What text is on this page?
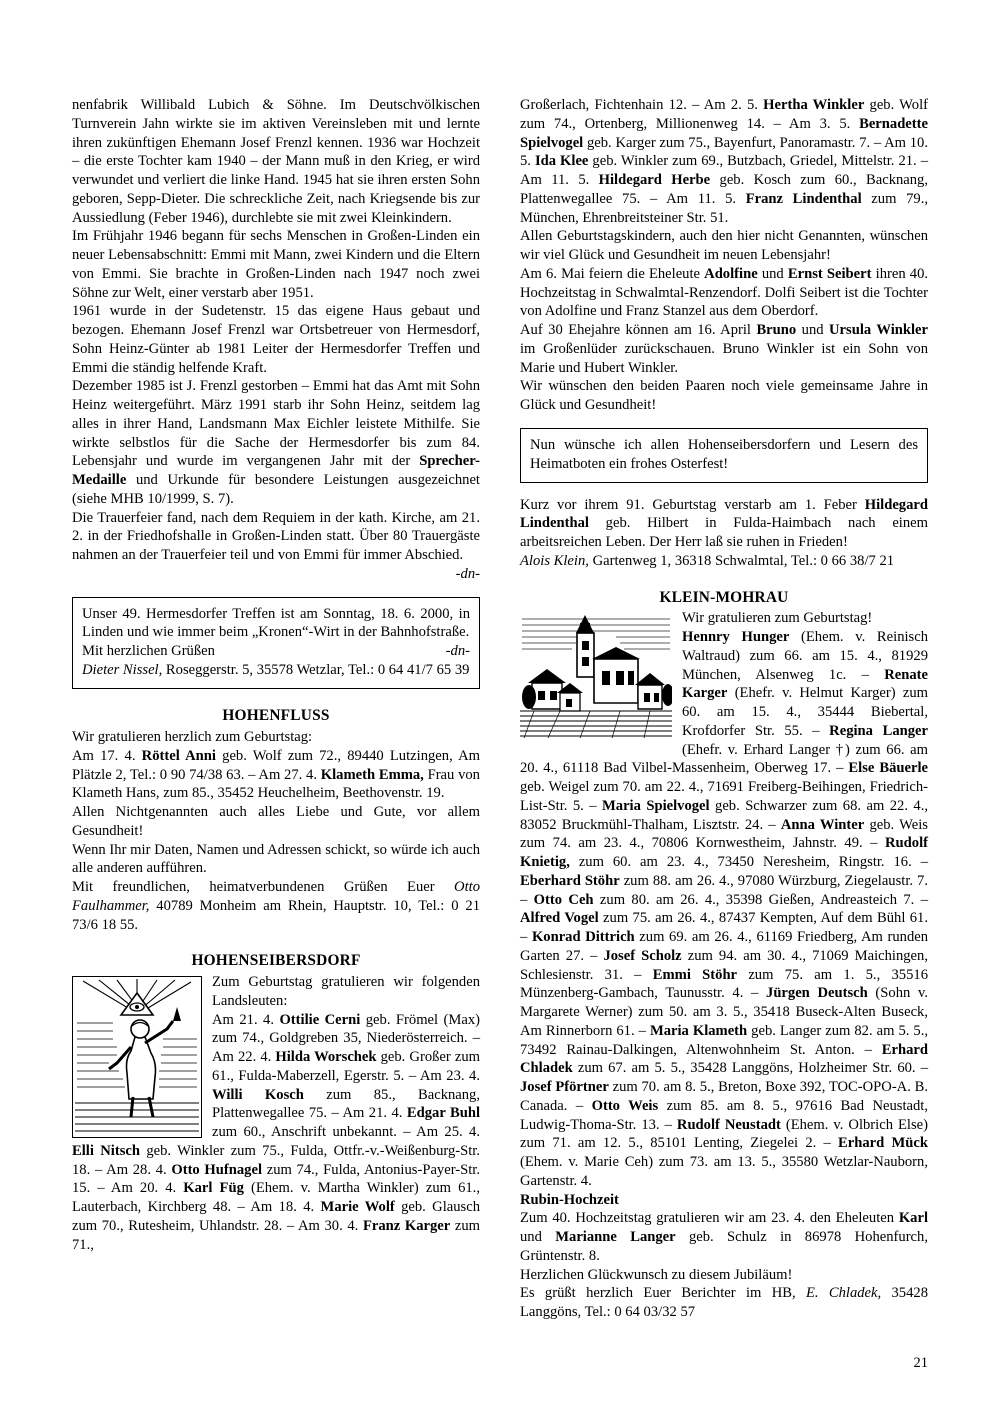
nenfabrik Willibald Lubich & Söhne. Im Deutschvölkischen Turnverein Jahn wirkte sie im aktiven Vereinsleben mit und lernte ihren zukünftigen Ehemann Josef Frenzl kennen. 1936 war Hochzeit – die erste Tochter kam 1940 – der Mann muß in den Krieg, er wird verwundet und verliert die linke Hand. 1945 hat sie ihren ersten Sohn geboren, Sepp-Dieter. Die schreckliche Zeit, nach Kriegsende bis zur Aussiedlung (Feber 1946), durchlebte sie mit zwei Kleinkindern.

Im Frühjahr 1946 begann für sechs Menschen in Großen-Linden ein neuer Lebensabschnitt: Emmi mit Mann, zwei Kindern und die Eltern von Emmi. Sie brachte in Großen-Linden nach 1947 noch zwei Söhne zur Welt, einer verstarb aber 1951.

1961 wurde in der Sudetenstr. 15 das eigene Haus gebaut und bezogen. Ehemann Josef Frenzl war Ortsbetreuer von Hermesdorf, Sohn Heinz-Günter ab 1981 Leiter der Hermesdorfer Treffen und Emmi die ständig helfende Kraft.

Dezember 1985 ist J. Frenzl gestorben – Emmi hat das Amt mit Sohn Heinz weitergeführt. März 1991 starb ihr Sohn Heinz, seitdem lag alles in ihrer Hand, Landsmann Max Eichler leistete Mithilfe. Sie wirkte selbstlos für die Sache der Hermesdorfer bis zum 84. Lebensjahr und wurde im vergangenen Jahr mit der Sprecher-Medaille und Urkunde für besondere Leistungen ausgezeichnet (siehe MHB 10/1999, S. 7).

Die Trauerfeier fand, nach dem Requiem in der kath. Kirche, am 21. 2. in der Friedhofshalle in Großen-Linden statt. Über 80 Trauergäste nahmen an der Trauerfeier teil und von Emmi für immer Abschied.
-dn-

Unser 49. Hermesdorfer Treffen ist am Sonntag, 18. 6. 2000, in Linden und wie immer beim „Kronen“-Wirt in der Bahnhofstraße.
Mit herzlichen Grüßen	-dn-
Dieter Nissel, Roseggerstr. 5, 35578 Wetzlar, Tel.: 0 64 41/7 65 39
HOHENFLUSS

Wir gratulieren herzlich zum Geburtstag:

Am 17. 4. Röttel Anni geb. Wolf zum 72., 89440 Lutzingen, Am Plätzle 2, Tel.: 0 90 74/38 63. – Am 27. 4. Klameth Emma, Frau von Klameth Hans, zum 85., 35452 Heuchelheim, Beethovenstr. 19.

Allen Nichtgenannten auch alles Liebe und Gute, vor allem Gesundheit!

Wenn Ihr mir Daten, Namen und Adressen schickt, so würde ich auch alle anderen aufführen.

Mit freundlichen, heimatverbundenen Grüßen Euer Otto Faulhammer, 40789 Monheim am Rhein, Hauptstr. 10, Tel.: 0 21 73/6 18 55.

HOHENSEIBERSDORF

Zum Geburtstag gratulieren wir folgenden Landsleuten:

Am 21. 4. Ottilie Cerni geb. Frömel (Max) zum 74., Goldgreben 35, Niederösterreich. – Am 22. 4. Hilda Worschek geb. Großer zum 61., Fulda-Maberzell, Egerstr. 5. – Am 23. 4. Willi Kosch zum 85., Backnang, Plattenwegallee 75. – Am 21. 4. Edgar Buhl zum 60., Anschrift unbekannt. – Am 25. 4. Elli Nitsch geb. Winkler zum 75., Fulda, Ottfr.-v.-Weißenburg-Str. 18. – Am 28. 4. Otto Hufnagel zum 74., Fulda, Antonius-Payer-Str. 15. – Am 20. 4. Karl Füg (Ehem. v. Martha Winkler) zum 61., Lauterbach, Kirchberg 48. – Am 18. 4. Marie Wolf geb. Glausch zum 70., Rutesheim, Uhlandstr. 28. – Am 30. 4. Franz Karger zum 71.,

Großerlach, Fichtenhain 12. – Am 2. 5. Hertha Winkler geb. Wolf zum 74., Ortenberg, Millionenweg 14. – Am 3. 5. Bernadette Spielvogel geb. Karger zum 75., Bayenfurt, Panoramastr. 7. – Am 10. 5. Ida Klee geb. Winkler zum 69., Butzbach, Griedel, Mittelstr. 21. – Am 11. 5. Hildegard Herbe geb. Kosch zum 60., Backnang, Plattenwegallee 75. – Am 11. 5. Franz Lindenthal zum 79., München, Ehrenbreitsteiner Str. 51.

Allen Geburtstagskindern, auch den hier nicht Genannten, wünschen wir viel Glück und Gesundheit im neuen Lebensjahr!

Am 6. Mai feiern die Eheleute Adolfine und Ernst Seibert ihren 40. Hochzeitstag in Schwalmtal-Renzendorf. Dolfi Seibert ist die Tochter von Adolfine und Franz Stanzel aus dem Oberdorf.

Auf 30 Ehejahre können am 16. April Bruno und Ursula Winkler im Großenlüder zurückschauen. Bruno Winkler ist ein Sohn von Marie und Hubert Winkler.

Wir wünschen den beiden Paaren noch viele gemeinsame Jahre in Glück und Gesundheit!

Nun wünsche ich allen Hohenseibersdorfern und Lesern des Heimatboten ein frohes Osterfest!

Kurz vor ihrem 91. Geburtstag verstarb am 1. Feber Hildegard Lindenthal geb. Hilbert in Fulda-Haimbach nach einem arbeitsreichen Leben. Der Herr laß sie ruhen in Frieden!

Alois Klein, Gartenweg 1, 36318 Schwalmtal, Tel.: 0 66 38/7 21

KLEIN-MOHRAU

Wir gratulieren zum Geburtstag!

Hennry Hunger (Ehem. v. Reinisch Waltraud) zum 66. am 15. 4., 81929 München, Alsenweg 1c. – Renate Karger (Ehefr. v. Helmut Karger) zum 60. am 15. 4., 35444 Biebertal, Krofdorfer Str. 55. – Regina Langer (Ehefr. v. Erhard Langer †) zum 66. am 20. 4., 61118 Bad Vilbel-Massenheim, Oberweg 17. – Else Bäuerle geb. Weigel zum 70. am 22. 4., 71691 Freiberg-Beihingen, Friedrich-List-Str. 5. – Maria Spielvogel geb. Schwarzer zum 68. am 22. 4., 83052 Bruckmühl-Thalham, Lisztstr. 24. – Anna Winter geb. Weis zum 74. am 23. 4., 70806 Kornwestheim, Jahnstr. 49. – Rudolf Knietig, zum 60. am 23. 4., 73450 Neresheim, Ringstr. 16. – Eberhard Stöhr zum 88. am 26. 4., 97080 Würzburg, Ziegelaustr. 7. – Otto Ceh zum 80. am 26. 4., 35398 Gießen, Andreasteich 7. – Alfred Vogel zum 75. am 26. 4., 87437 Kempten, Auf dem Bühl 61. – Konrad Dittrich zum 69. am 26. 4., 61169 Friedberg, Am runden Garten 27. – Josef Scholz zum 94. am 30. 4., 71069 Maichingen, Schlesienstr. 31. – Emmi Stöhr zum 75. am 1. 5., 35516 Münzenberg-Gambach, Taunusstr. 4. – Jürgen Deutsch (Sohn v. Margarete Werner) zum 50. am 3. 5., 35418 Buseck-Alten Buseck, Am Rinnerborn 61. – Maria Klameth geb. Langer zum 82. am 5. 5., 73492 Rainau-Dalkingen, Altenwohnheim St. Anton. – Erhard Chladek zum 67. am 5. 5., 35428 Langgöns, Holzheimer Str. 60. – Josef Pförtner zum 70. am 8. 5., Breton, Boxe 392, TOC-OPO-A. B. Canada. – Otto Weis zum 85. am 8. 5., 97616 Bad Neustadt, Ludwig-Thoma-Str. 13. – Rudolf Neustadt (Ehem. v. Olbrich Else) zum 71. am 12. 5., 85101 Lenting, Ziegelei 2. – Erhard Mück (Ehem. v. Marie Ceh) zum 73. am 13. 5., 35580 Wetzlar-Nauborn, Gartenstr. 4.

Rubin-Hochzeit

Zum 40. Hochzeitstag gratulieren wir am 23. 4. den Eheleuten Karl und Marianne Langer geb. Schulz in 86978 Hohenfurch, Grüntenstr. 8.

Herzlichen Glückwunsch zu diesem Jubiläum!

Es grüßt herzlich Euer Berichter im HB, E. Chladek, 35428 Langgöns, Tel.: 0 64 03/32 57

21
